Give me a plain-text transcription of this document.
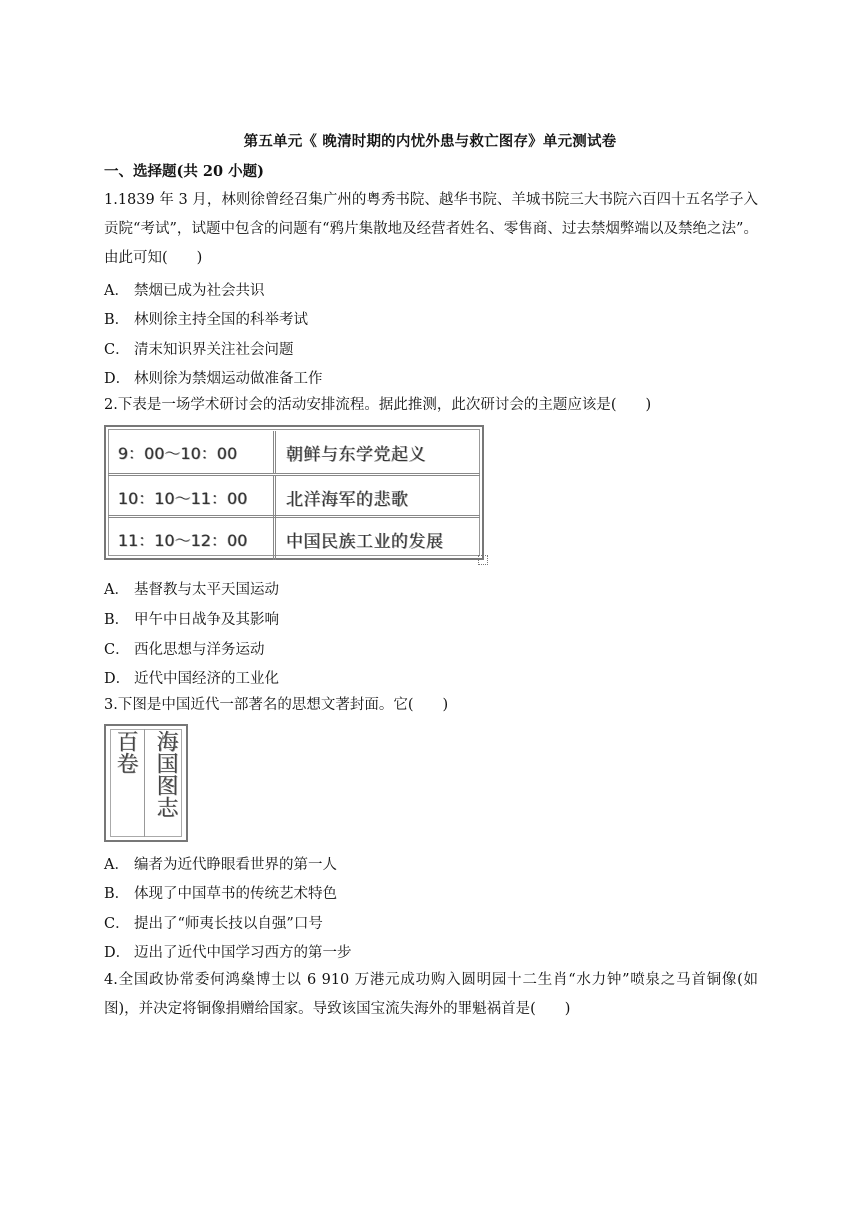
第五单元《 晚清时期的内忧外患与救亡图存》单元测试卷
一、选择题(共 20 小题)
1.1839 年 3 月，林则徐曾经召集广州的粤秀书院、越华书院、羊城书院三大书院六百四十五名学子入贡院“考试”，试题中包含的问题有“鸦片集散地及经营者姓名、零售商、过去禁烟弊端以及禁绝之法”。由此可知(　　)
A． 禁烟已成为社会共识
B． 林则徐主持全国的科举考试
C． 清末知识界关注社会问题
D． 林则徐为禁烟运动做准备工作
2.下表是一场学术研讨会的活动安排流程。据此推测，此次研讨会的主题应该是(　　)
9：00～10：00	朝鲜与东学党起义
10：10～11：00	北洋海军的悲歌
11：10～12：00	中国民族工业的发展
A． 基督教与太平天国运动
B． 甲午中日战争及其影响
C． 西化思想与洋务运动
D． 近代中国经济的工业化
3.下图是中国近代一部著名的思想文著封面。它(　　)
百卷 海国图志
A． 编者为近代睁眼看世界的第一人
B． 体现了中国草书的传统艺术特色
C． 提出了“师夷长技以自强”口号
D． 迈出了近代中国学习西方的第一步
4.全国政协常委何鸿燊博士以 6 910 万港元成功购入圆明园十二生肖“水力钟”喷泉之马首铜像(如图)，并决定将铜像捐赠给国家。导致该国宝流失海外的罪魁祸首是(　　)
